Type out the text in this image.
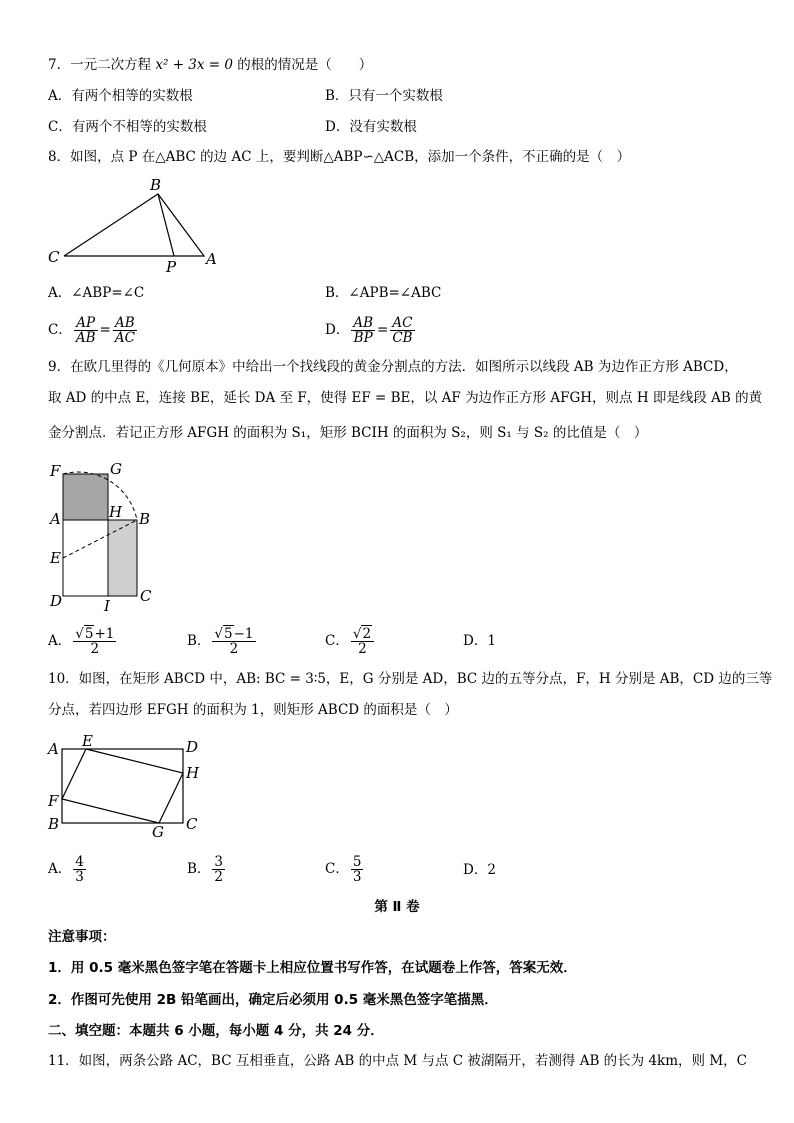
7．一元二次方程 x² + 3x = 0 的根的情况是（　　）
A．有两个相等的实数根	B．只有一个实数根
C．有两个不相等的实数根	D．没有实数根
8．如图，点 P 在△ABC 的边 AC 上，要判断△ABP∽△ACB，添加一个条件，不正确的是（　）
B
C
P A
A．∠ABP=∠C	B．∠APB=∠ABC
C． $\frac{AP}{AB} = \frac{AB}{AC}$	D． $\frac{AB}{BP} = \frac{AC}{CB}$
9．在欧几里得的《几何原本》中给出一个找线段的黄金分割点的方法．如图所示以线段 AB 为边作正方形 ABCD，
取 AD 的中点 E，连接 BE，延长 DA 至 F，使得 EF = BE，以 AF 为边作正方形 AFGH，则点 H 即是线段 AB 的黄
金分割点．若记正方形 AFGH 的面积为 S₁，矩形 BCIH 的面积为 S₂，则 S₁ 与 S₂ 的比值是（　）
F	G
A	H B
E
D	I
C
A． $\frac{√5+1}{2}$	B． $\frac{√5-1}{2}$	C． $\frac{√2}{2}$	D．1
10．如图，在矩形 ABCD 中，AB: BC = 3∶5，E，G 分别是 AD，BC 边的五等分点，F，H 分别是 AB，CD 边的三等
分点，若四边形 EFGH 的面积为 1，则矩形 ABCD 的面积是（　）
A E	D
H
F
B	G C
A． $\frac{4}{3}$	B． $\frac{3}{2}$	C． $\frac{5}{3}$	D．2
第 Ⅱ 卷
注意事项：
1．用 0.5 毫米黑色签字笔在答题卡上相应位置书写作答，在试题卷上作答，答案无效．
2．作图可先使用 2B 铅笔画出，确定后必须用 0.5 毫米黑色签字笔描黑．
二、填空题：本题共 6 小题，每小题 4 分，共 24 分．
11．如图，两条公路 AC，BC 互相垂直，公路 AB 的中点 M 与点 C 被湖隔开，若测得 AB 的长为 4km，则 M，C
